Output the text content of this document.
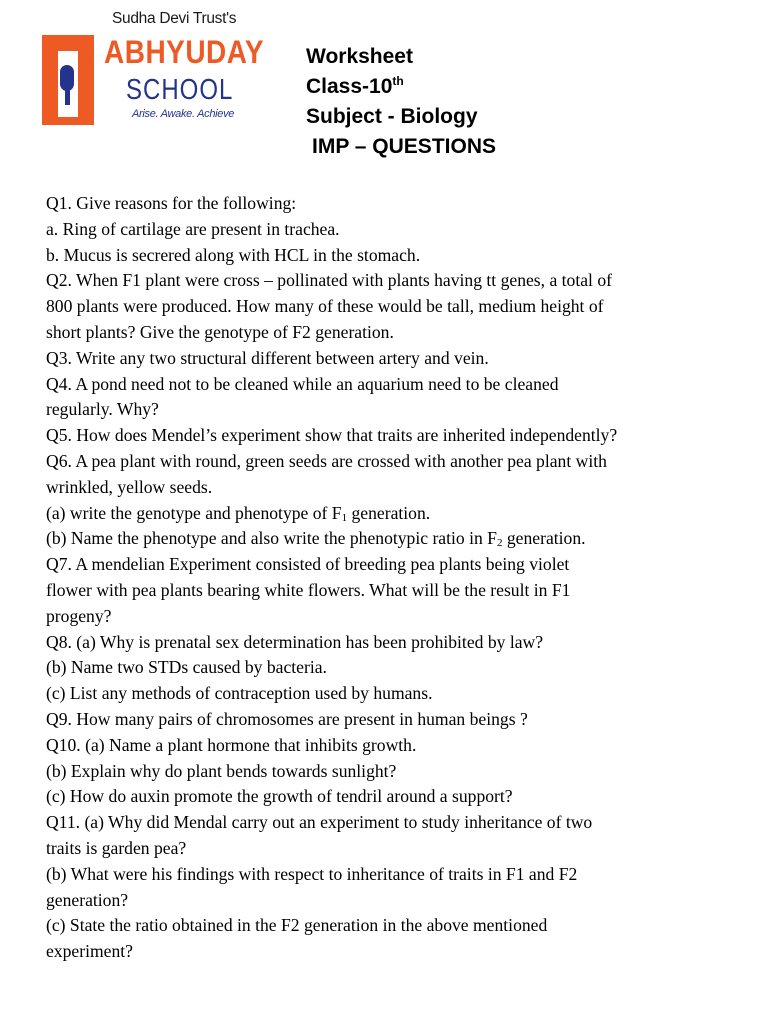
Sudha Devi Trust's
ABHYUDAY
SCHOOL
Arise. Awake. Achieve
Worksheet
Class-10th
Subject - Biology
IMP – QUESTIONS
Q1. Give reasons for the following:
a. Ring of cartilage are present in trachea.
b. Mucus is secrered along with HCL in the stomach.
Q2. When F1 plant were cross – pollinated with plants having tt genes, a total of
800 plants were produced. How many of these would be tall, medium height of
short plants? Give the genotype of F2 generation.
Q3. Write any two structural different between artery and vein.
Q4. A pond need not to be cleaned while an aquarium need to be cleaned
regularly. Why?
Q5. How does Mendel’s experiment show that traits are inherited independently?
Q6. A pea plant with round, green seeds are crossed with another pea plant with
wrinkled, yellow seeds.
(a) write the genotype and phenotype of $F_1$ generation.
(b) Name the phenotype and also write the phenotypic ratio in $F_2$ generation.
Q7. A mendelian Experiment consisted of breeding pea plants being violet
flower with pea plants bearing white flowers. What will be the result in F1
progeny?
Q8. (a) Why is prenatal sex determination has been prohibited by law?
(b) Name two STDs caused by bacteria.
(c) List any methods of contraception used by humans.
Q9. How many pairs of chromosomes are present in human beings ?
Q10. (a) Name a plant hormone that inhibits growth.
(b) Explain why do plant bends towards sunlight?
(c) How do auxin promote the growth of tendril around a support?
Q11. (a) Why did Mendal carry out an experiment to study inheritance of two
traits is garden pea?
(b) What were his findings with respect to inheritance of traits in F1 and F2
generation?
(c) State the ratio obtained in the F2 generation in the above mentioned
experiment?
